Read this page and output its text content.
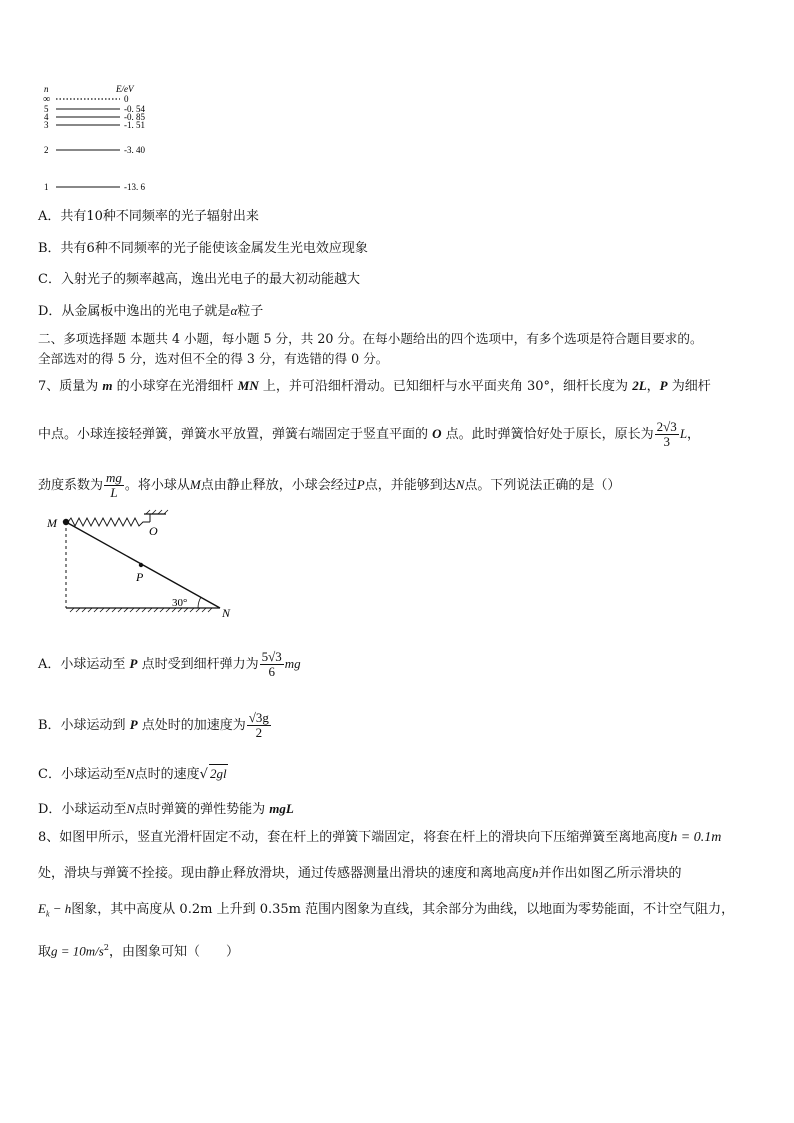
n	E/eV
∞	0
5	-0. 54
4	-0. 85
3	-1. 51
2	-3. 40
1	-13. 6
A．共有10种不同频率的光子辐射出来
B．共有6种不同频率的光子能使该金属发生光电效应现象
C．入射光子的频率越高，逸出光电子的最大初动能越大
D．从金属板中逸出的光电子就是α粒子
二、多项选择题 本题共 4 小题，每小题 5 分，共 20 分。在每小题给出的四个选项中，有多个选项是符合题目要求的。
全部选对的得 5 分，选对但不全的得 3 分，有选错的得 0 分。
7、质量为 m 的小球穿在光滑细杆 MN 上，并可沿细杆滑动。已知细杆与水平面夹角 30°，细杆长度为 2L，P 为细杆
中点。小球连接轻弹簧，弹簧水平放置，弹簧右端固定于竖直平面的 O 点。此时弹簧恰好处于原长，原长为 $\frac{2√3}{3}$ L，
劲度系数为 $\frac{mg}{L}$ 。将小球从M点由静止释放，小球会经过P点，并能够到达N点。下列说法正确的是（）
M
O
P
N
30°
A．小球运动至 P 点时受到细杆弹力为 $\frac{5√3}{6}$ mg
B．小球运动到 P 点处时的加速度为 $\frac{√3g}{2}$
C．小球运动至N点时的速度√ 2gl
D．小球运动至N点时弹簧的弹性势能为 mgL
8、如图甲所示，竖直光滑杆固定不动，套在杆上的弹簧下端固定，将套在杆上的滑块向下压缩弹簧至离地高度h = 0.1m
处，滑块与弹簧不拴接。现由静止释放滑块，通过传感器测量出滑块的速度和离地高度h并作出如图乙所示滑块的
$E_k - h$图象，其中高度从 0.2m 上升到 0.35m 范围内图象为直线，其余部分为曲线，以地面为零势能面，不计空气阻力，
取$g = 10m/s^2$，由图象可知（　　）
